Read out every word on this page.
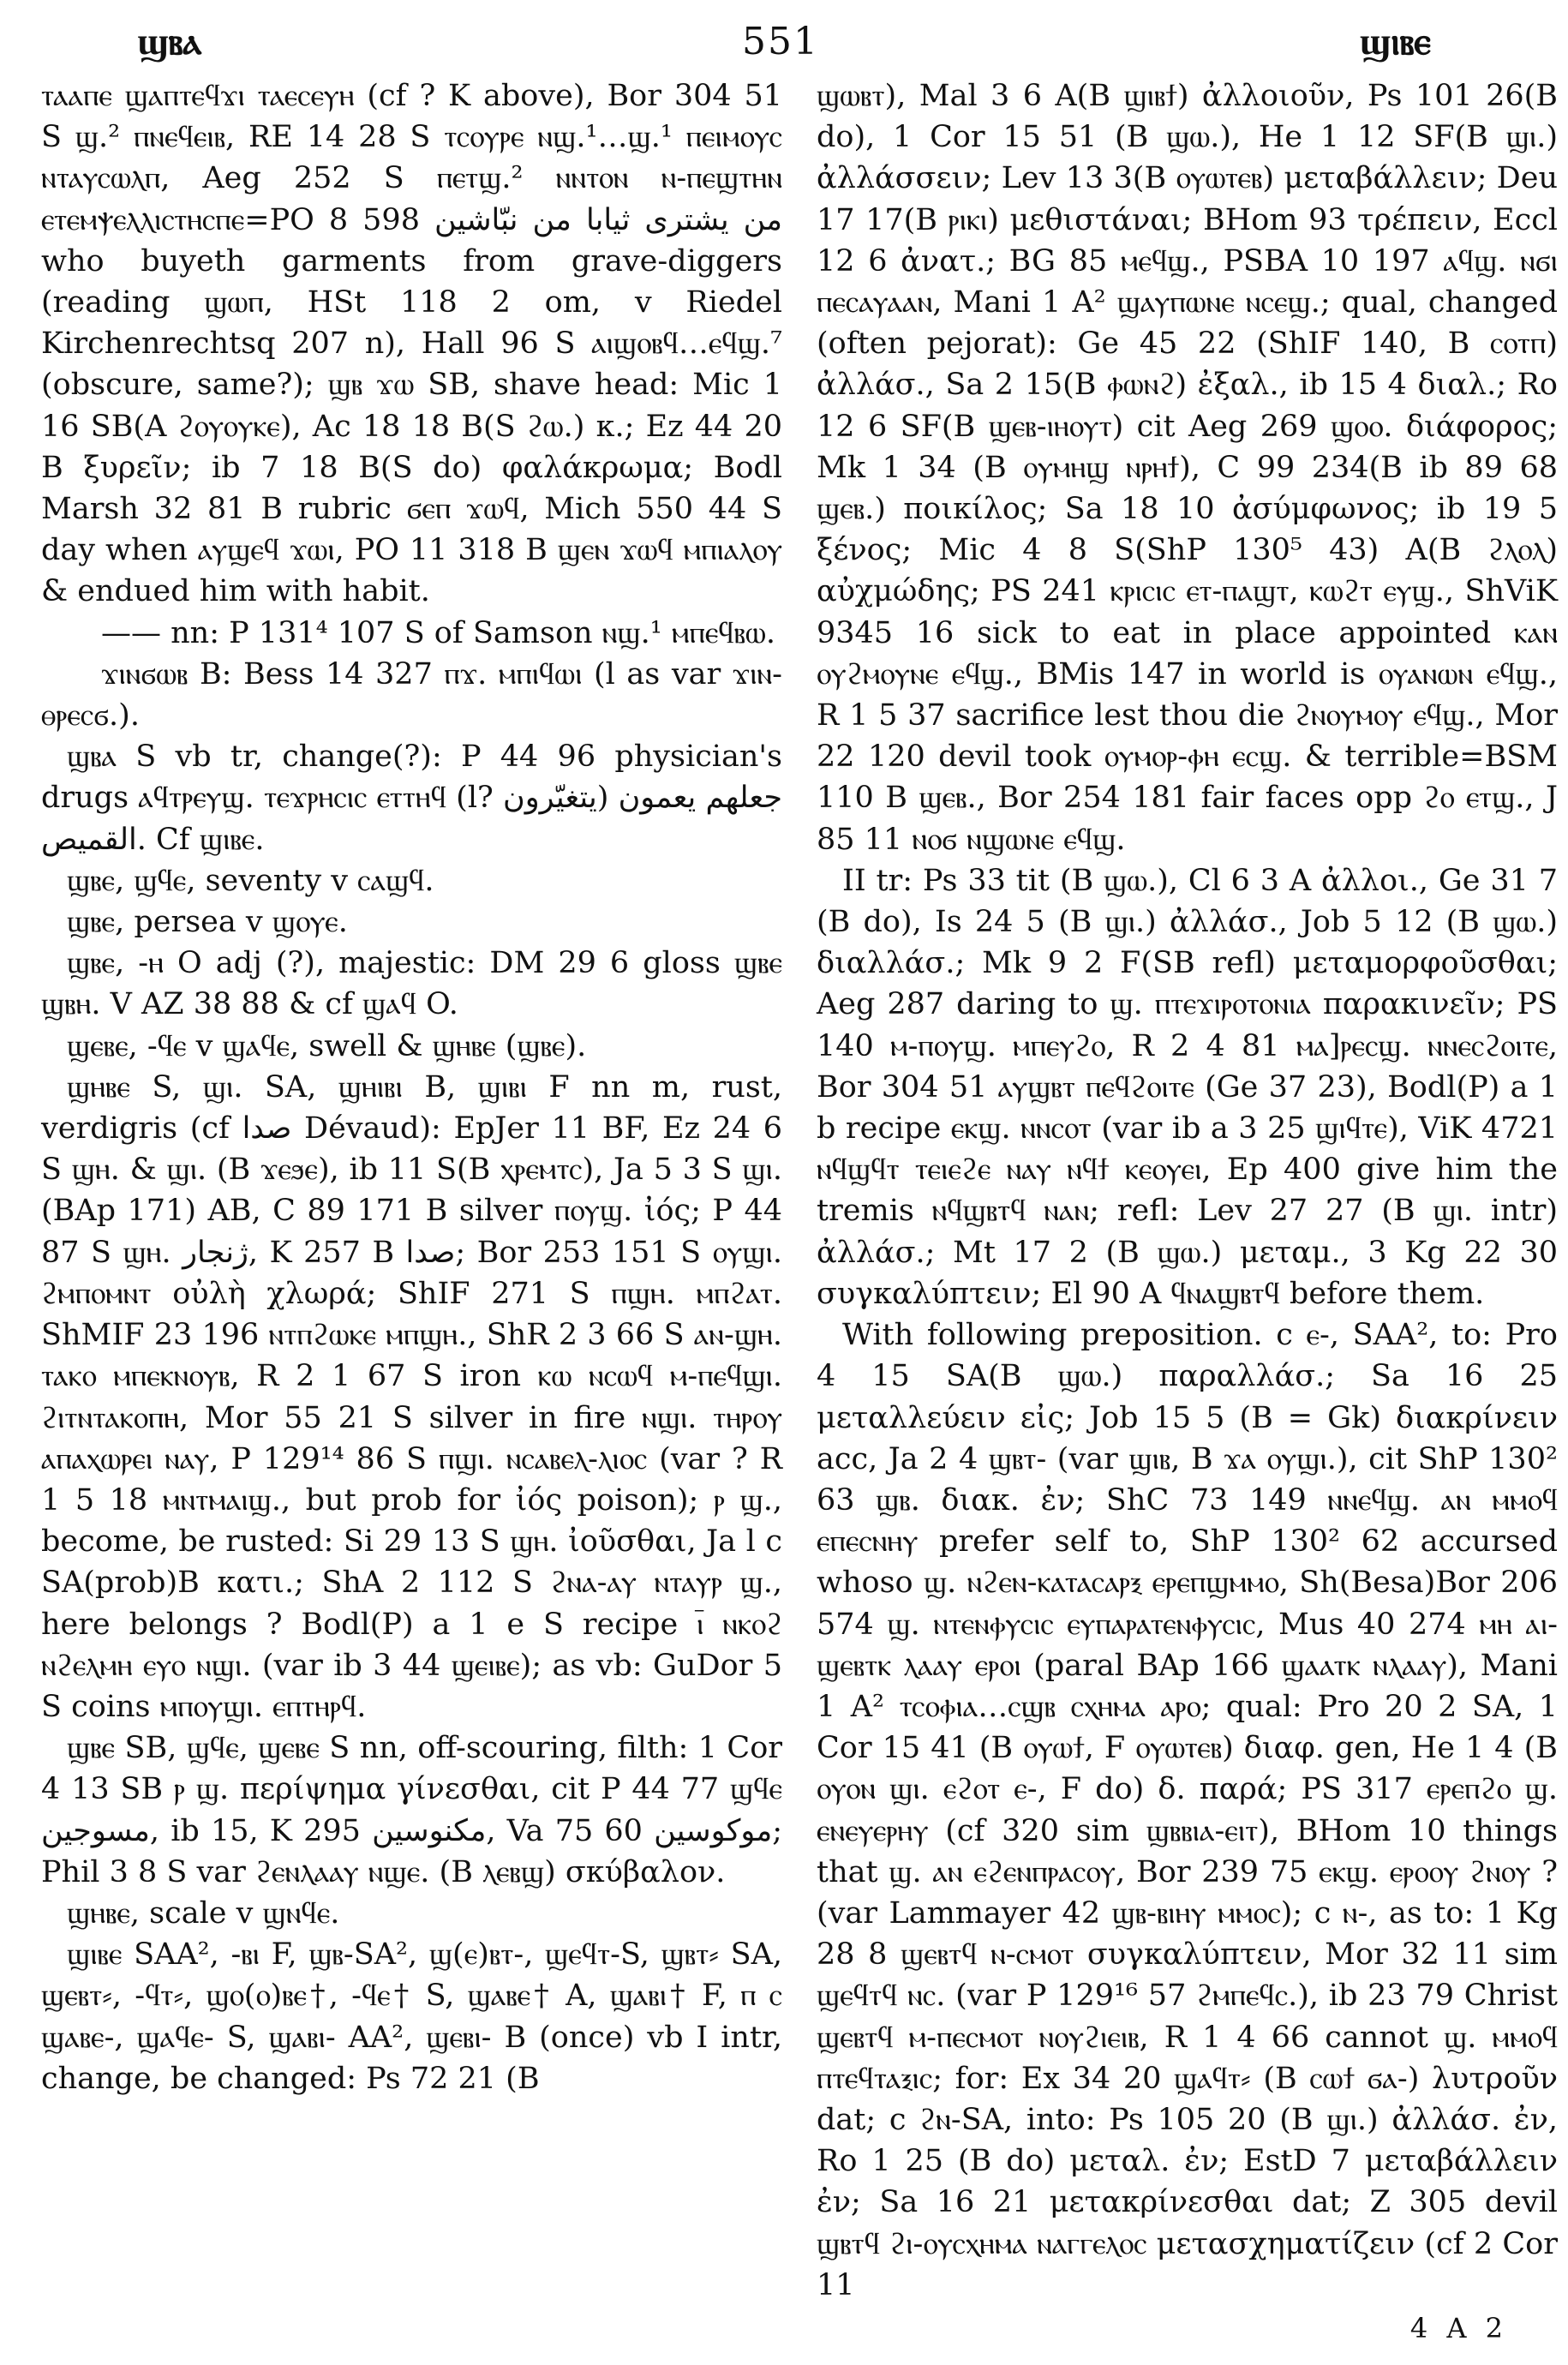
ϣⲃⲁ	551	ϣⲓⲃⲉ

ⲧⲁⲁⲡⲉ ϣⲁⲡⲧⲉϥϫⲓ ⲧⲁⲉⲥⲉⲩⲏ (cf ? K above), Bor 304 51 S ϣ.² ⲡⲛⲉϥⲉⲓⲃ, RE 14 28 S ⲧⲥⲟⲩⲣⲉ ⲛϣ.¹…ϣ.¹ ⲡⲉⲓⲙⲟⲩⲥ ⲛⲧⲁⲩⲥⲱⲗⲡ, Aeg 252 S ⲡⲉⲧϣ.² ⲛⲛⲧⲟⲛ ⲛ-ⲡⲉϣⲧⲏⲛ ⲉⲧⲉⲙⲯⲉⲗⲗⲓⲥⲧⲏⲥⲡⲉ=PO 8 598 من يشترى ثيابا من نبّاشين who buyeth garments from grave-diggers (reading ϣⲱⲡ, HSt 118 2 om, v Riedel Kirchenrechtsq 207 n), Hall 96 S ⲁⲓϣⲟⲃϥ…ⲉϥϣ.⁷ (obscure, same?); ϣⲃ ϫⲱ SB, shave head: Mic 1 16 SB(A ϩⲟⲩⲟⲩⲕⲉ), Ac 18 18 B(S ϩⲱ.) κ.; Ez 44 20 B ξυρεῖν; ib 7 18 B(S do) φαλάκρωμα; Bodl Marsh 32 81 B rubric ϭⲉⲡ ϫⲱϥ, Mich 550 44 S day when ⲁⲩϣⲉϥ ϫⲱⲓ, PO 11 318 B ϣⲉⲛ ϫⲱϥ ⲙⲡⲓⲁⲗⲟⲩ & endued him with habit.

—— nn: P 131⁴ 107 S of Samson ⲛϣ.¹ ⲙⲡⲉϥⲃⲱ.

ϫⲓⲛϭⲱⲃ B: Bess 14 327 ⲡϫ. ⲙⲡⲓϥⲱⲓ (l as var ϫⲓⲛ-ⲑⲣⲉⲥϭ.).

ϣⲃⲁ S vb tr, change(?): P 44 96 physician's drugs ⲁϥⲧⲣⲉⲩϣ. ⲧⲉϫⲣⲏⲥⲓⲥ ⲉⲧⲧⲏϥ (l? يتغيّرون) جعلهم يعمون القميص. Cf ϣⲓⲃⲉ.

ϣⲃⲉ, ϣϥⲉ, seventy v ⲥⲁϣϥ.

ϣⲃⲉ, persea v ϣⲟⲩⲉ.

ϣⲃⲉ, -ⲏ O adj (?), majestic: DM 29 6 gloss ϣⲃⲉ ϣⲃⲏ. V AZ 38 88 & cf ϣⲁϥ O.

ϣⲉⲃⲉ, -ϥⲉ v ϣⲁϥⲉ, swell & ϣⲏⲃⲉ (ϣⲃⲉ).

ϣⲏⲃⲉ S, ϣⲓ. SA, ϣⲏⲓⲃⲓ B, ϣⲓⲃⲓ F nn m, rust, verdigris (cf صدا Dévaud): EpJer 11 BF, Ez 24 6 S ϣⲏ. & ϣⲓ. (B ϫⲉϧⲉ), ib 11 S(B ⲭⲣⲉⲙⲧⲥ), Ja 5 3 S ϣⲓ. (BAp 171) AB, C 89 171 B silver ⲡⲟⲩϣ. ἰός; P 44 87 S ϣⲏ. ژنجار, K 257 B صدا; Bor 253 151 S ⲟⲩϣⲓ. ϩⲙⲡⲟⲙⲛⲧ οὐλὴ χλωρά; ShIF 271 S ⲡϣⲏ. ⲙⲡϩⲁⲧ. ShMIF 23 196 ⲛⲧⲡϩⲱⲕⲉ ⲙⲡϣⲏ., ShR 2 3 66 S ⲁⲛ-ϣⲏ. ⲧⲁⲕⲟ ⲙⲡⲉⲕⲛⲟⲩⲃ, R 2 1 67 S iron ⲕⲱ ⲛⲥⲱϥ ⲙ-ⲡⲉϥϣⲓ. ϩⲓⲧⲛⲧⲁⲕⲟⲡⲏ, Mor 55 21 S silver in fire ⲛϣⲓ. ⲧⲏⲣⲟⲩ ⲁⲡⲁⲭⲱⲣⲉⲓ ⲛⲁⲩ, P 129¹⁴ 86 S ⲡϣⲓ. ⲛⲥⲁⲃⲉⲗ-ⲗⲓⲟⲥ (var ? R 1 5 18 ⲙⲛⲧⲙⲁⲓϣ., but prob for ἰός poison); ⲣ ϣ., become, be rusted: Si 29 13 S ϣⲏ. ἰοῦσθαι, Ja l c SA(prob)B κατι.; ShA 2 112 S ϩⲛⲁ-ⲁⲩ ⲛⲧⲁⲩⲣ ϣ., here belongs ? Bodl(P) a 1 e S recipe ⲓ̅ ⲛⲕⲟϩ ⲛϩⲉⲗⲙⲏ ⲉⲩⲟ ⲛϣⲓ. (var ib 3 44 ϣⲉⲓⲃⲉ); as vb: GuDor 5 S coins ⲙⲡⲟⲩϣⲓ. ⲉⲡⲧⲏⲣϥ.

ϣⲃⲉ SB, ϣϥⲉ, ϣⲉⲃⲉ S nn, off-scouring, filth: 1 Cor 4 13 SB ⲣ ϣ. περίψημα γίνεσθαι, cit P 44 77 ϣϥⲉ مسوجين, ib 15, K 295 مكنوسين, Va 75 60 موكوسين; Phil 3 8 S var ϩⲉⲛⲗⲁⲁⲩ ⲛϣⲉ. (B ⲗⲉⲃϣ) σκύβαλον.

ϣⲏⲃⲉ, scale v ϣⲛϥⲉ.

ϣⲓⲃⲉ SAA², -ⲃⲓ F, ϣⲃ-SA², ϣ(ⲉ)ⲃⲧ-, ϣⲉϥⲧ-S, ϣⲃⲧ⸗ SA, ϣⲉⲃⲧ⸗, -ϥⲧ⸗, ϣⲟ(ⲟ)ⲃⲉ†, -ϥⲉ† S, ϣⲁⲃⲉ† A, ϣⲁⲃⲓ† F, ⲡ ⲥ ϣⲁⲃⲉ-, ϣⲁϥⲉ- S, ϣⲁⲃⲓ- AA², ϣⲉⲃⲓ- B (once) vb I intr, change, be changed: Ps 72 21 (B

ϣⲱⲃⲧ), Mal 3 6 A(B ϣⲓⲃϯ) ἀλλοιοῦν, Ps 101 26(B do), 1 Cor 15 51 (B ϣⲱ.), He 1 12 SF(B ϣⲓ.) ἀλλάσσειν; Lev 13 3(B ⲟⲩⲱⲧⲉⲃ) μεταβάλλειν; Deu 17 17(B ⲣⲓⲕⲓ) μεθιστάναι; BHom 93 τρέπειν, Eccl 12 6 ἀνατ.; BG 85 ⲙⲉϥϣ., PSBA 10 197 ⲁϥϣ. ⲛϭⲓ ⲡⲉⲥⲁⲩⲁⲁⲛ, Mani 1 A² ϣⲁⲩⲡⲱⲛⲉ ⲛⲥⲉϣ.; qual, changed (often pejorat): Ge 45 22 (ShIF 140, B ⲥⲟⲧⲡ) ἀλλάσ., Sa 2 15(B ⲫⲱⲛϩ) ἐξαλ., ib 15 4 διαλ.; Ro 12 6 SF(B ϣⲉⲃ-ⲓⲏⲟⲩⲧ) cit Aeg 269 ϣⲟⲟ. διάφορος; Mk 1 34 (B ⲟⲩⲙⲏϣ ⲛⲣⲏϯ), C 99 234(B ib 89 68 ϣⲉⲃ.) ποικίλος; Sa 18 10 ἀσύμφωνος; ib 19 5 ξένος; Mic 4 8 S(ShP 130⁵ 43) A(B ϩⲗⲟⲗ) αὐχμώδης; PS 241 ⲕⲣⲓⲥⲓⲥ ⲉⲧ-ⲡⲁϣⲧ, ⲕⲱϩⲧ ⲉⲩϣ., ShViK 9345 16 sick to eat in place appointed ⲕⲁⲛ ⲟⲩϩⲙⲟⲩⲛⲉ ⲉϥϣ., BMis 147 in world is ⲟⲩⲁⲛⲱⲛ ⲉϥϣ., R 1 5 37 sacrifice lest thou die ϩⲛⲟⲩⲙⲟⲩ ⲉϥϣ., Mor 22 120 devil took ⲟⲩⲙⲟⲣ-ⲫⲏ ⲉⲥϣ. & terrible=BSM 110 B ϣⲉⲃ., Bor 254 181 fair faces opp ϩⲟ ⲉⲧϣ., J 85 11 ⲛⲟϭ ⲛϣⲱⲛⲉ ⲉϥϣ.

II tr: Ps 33 tit (B ϣⲱ.), Cl 6 3 A ἀλλοι., Ge 31 7 (B do), Is 24 5 (B ϣⲓ.) ἀλλάσ., Job 5 12 (B ϣⲱ.) διαλλάσ.; Mk 9 2 F(SB refl) μεταμορφοῦσθαι; Aeg 287 daring to ϣ. ⲡⲧⲉϫⲓⲣⲟⲧⲟⲛⲓⲁ παρακινεῖν; PS 140 ⲙ-ⲡⲟⲩϣ. ⲙⲡⲉⲩϩⲟ, R 2 4 81 ⲙⲁ]ⲣⲉⲥϣ. ⲛⲛⲉⲥϩⲟⲓⲧⲉ, Bor 304 51 ⲁⲩϣⲃⲧ ⲡⲉϥϩⲟⲓⲧⲉ (Ge 37 23), Bodl(P) a 1 b recipe ⲉⲕϣ. ⲛⲛⲥⲟⲧ (var ib a 3 25 ϣⲓϥⲧⲉ), ViK 4721 ⲛϥϣϥⲧ ⲧⲉⲓⲉϩⲉ ⲛⲁⲩ ⲛϥϯ ⲕⲉⲟⲩⲉⲓ, Ep 400 give him the tremis ⲛϥϣⲃⲧϥ ⲛⲁⲛ; refl: Lev 27 27 (B ϣⲓ. intr) ἀλλάσ.; Mt 17 2 (B ϣⲱ.) μεταμ., 3 Kg 22 30 συγκαλύπτειν; El 90 A ϥⲛⲁϣⲃⲧϥ before them.

With following preposition. c ⲉ-, SAA², to: Pro 4 15 SA(B ϣⲱ.) παραλλάσ.; Sa 16 25 μεταλλεύειν εἰς; Job 15 5 (B = Gk) διακρίνειν acc, Ja 2 4 ϣⲃⲧ- (var ϣⲓⲃ, B ϫⲁ ⲟⲩϣⲓ.), cit ShP 130² 63 ϣⲃ. διακ. ἐν; ShC 73 149 ⲛⲛⲉϥϣ. ⲁⲛ ⲙⲙⲟϥ ⲉⲡⲉⲥⲛⲏⲩ prefer self to, ShP 130² 62 accursed whoso ϣ. ⲛϩⲉⲛ-ⲕⲁⲧⲁⲥⲁⲣⲝ ⲉⲣⲉⲡϣⲙⲙⲟ, Sh(Besa)Bor 206 574 ϣ. ⲛⲧⲉⲛⲫⲩⲥⲓⲥ ⲉⲩⲡⲁⲣⲁⲧⲉⲛⲫⲩⲥⲓⲥ, Mus 40 274 ⲙⲏ ⲁⲓ-ϣⲉⲃⲧⲕ ⲗⲁⲁⲩ ⲉⲣⲟⲓ (paral BAp 166 ϣⲁⲁⲧⲕ ⲛⲗⲁⲁⲩ), Mani 1 A² ⲧⲥⲟⲫⲓⲁ…ⲥϣⲃ ⲥⲭⲏⲙⲁ ⲁⲣⲟ; qual: Pro 20 2 SA, 1 Cor 15 41 (B ⲟⲩⲱϯ, F ⲟⲩⲱⲧⲉⲃ) διαφ. gen, He 1 4 (B ⲟⲩⲟⲛ ϣⲓ. ⲉϩⲟⲧ ⲉ-, F do) δ. παρά; PS 317 ⲉⲣⲉⲡϩⲟ ϣ. ⲉⲛⲉⲩⲉⲣⲏⲩ (cf 320 sim ϣⲃⲃⲓⲁ-ⲉⲓⲧ), BHom 10 things that ϣ. ⲁⲛ ⲉϩⲉⲛⲡⲣⲁⲥⲟⲩ, Bor 239 75 ⲉⲕϣ. ⲉⲣⲟⲟⲩ ϩⲛⲟⲩ ? (var Lammayer 42 ϣⲃ-ⲃⲓⲏⲩ ⲙⲙⲟⲥ); c ⲛ-, as to: 1 Kg 28 8 ϣⲉⲃⲧϥ ⲛ-ⲥⲙⲟⲧ συγκαλύπτειν, Mor 32 11 sim ϣⲉϥⲧϥ ⲛⲥ. (var P 129¹⁶ 57 ϩⲙⲡⲉϥⲥ.), ib 23 79 Christ ϣⲉⲃⲧϥ ⲙ-ⲡⲉⲥⲙⲟⲧ ⲛⲟⲩϩⲓⲉⲓⲃ, R 1 4 66 cannot ϣ. ⲙⲙⲟϥ ⲡⲧⲉϥⲧⲁⲝⲓⲥ; for: Ex 34 20 ϣⲁϥⲧ⸗ (B ⲥⲱϯ ϭⲁ-) λυτροῦν dat; c ϩⲛ-SA, into: Ps 105 20 (B ϣⲓ.) ἀλλάσ. ἐν, Ro 1 25 (B do) μεταλ. ἐν; EstD 7 μεταβάλλειν ἐν; Sa 16 21 μετακρίνεσθαι dat; Z 305 devil ϣⲃⲧϥ ϩⲓ-ⲟⲩⲥⲭⲏⲙⲁ ⲛⲁⲅⲅⲉⲗⲟⲥ μετασχηματίζειν (cf 2 Cor 11

4 A 2
